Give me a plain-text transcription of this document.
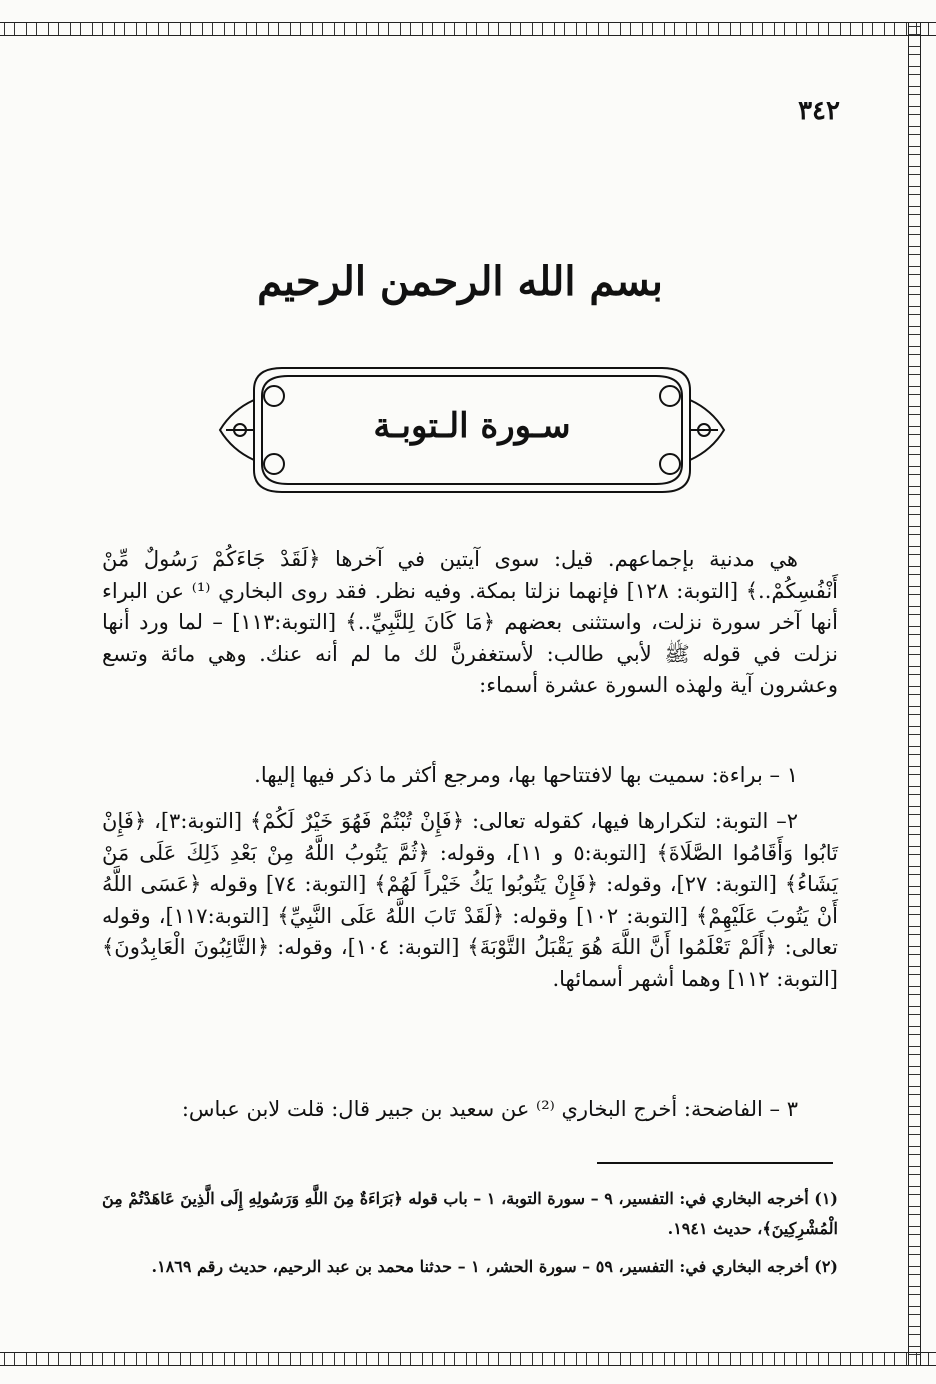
٣٤٢
بسم الله الرحمن الرحيم
سـورة الـتوبـة

هي مدنية بإجماعهم. قيل: سوى آيتين في آخرها ﴿لَقَدْ جَاءَكُمْ رَسُولٌ مِّنْ أَنْفُسِكُمْ..﴾ [التوبة: ١٢٨] فإنهما نزلتا بمكة. وفيه نظر. فقد روى البخاري ⁽¹⁾ عن البراء أنها آخر سورة نزلت، واستثنى بعضهم ﴿مَا كَانَ لِلنَّبِيِّ..﴾ [التوبة:١١٣] – لما ورد أنها نزلت في قوله ﷺ لأبي طالب: لأستغفرنَّ لك ما لم أنه عنك. وهي مائة وتسع وعشرون آية ولهذه السورة عشرة أسماء:

١ – براءة: سميت بها لافتتاحها بها، ومرجع أكثر ما ذكر فيها إليها.

٢– التوبة: لتكرارها فيها، كقوله تعالى: ﴿فَإِنْ تُبْتُمْ فَهُوَ خَيْرٌ لَكُمْ﴾ [التوبة:٣]، ﴿فَإِنْ تَابُوا وَأَقَامُوا الصَّلَاةَ﴾ [التوبة:٥ و ١١]، وقوله: ﴿ثُمَّ يَتُوبُ اللَّهُ مِنْ بَعْدِ ذَلِكَ عَلَى مَنْ يَشَاءُ﴾ [التوبة: ٢٧]، وقوله: ﴿فَإِنْ يَتُوبُوا يَكُ خَيْراً لَهُمْ﴾ [التوبة: ٧٤] وقوله ﴿عَسَى اللَّهُ أَنْ يَتُوبَ عَلَيْهِمْ﴾ [التوبة: ١٠٢] وقوله: ﴿لَقَدْ تَابَ اللَّهُ عَلَى النَّبِيِّ﴾ [التوبة:١١٧]، وقوله تعالى: ﴿أَلَمْ تَعْلَمُوا أَنَّ اللَّهَ هُوَ يَقْبَلُ التَّوْبَةَ﴾ [التوبة: ١٠٤]، وقوله: ﴿التَّائِبُونَ الْعَابِدُونَ﴾ [التوبة: ١١٢] وهما أشهر أسمائها.

٣ – الفاضحة: أخرج البخاري ⁽²⁾ عن سعيد بن جبير قال: قلت لابن عباس:

(١) أخرجه البخاري في: التفسير، ٩ – سورة التوبة، ١ – باب قوله ﴿بَرَاءَةٌ مِنَ اللَّهِ وَرَسُولِهِ إِلَى الَّذِينَ عَاهَدْتُمْ مِنَ الْمُشْرِكِينَ﴾، حديث ١٩٤١.

(٢) أخرجه البخاري في: التفسير، ٥٩ – سورة الحشر، ١ – حدثنا محمد بن عبد الرحيم، حديث رقم ١٨٦٩.
